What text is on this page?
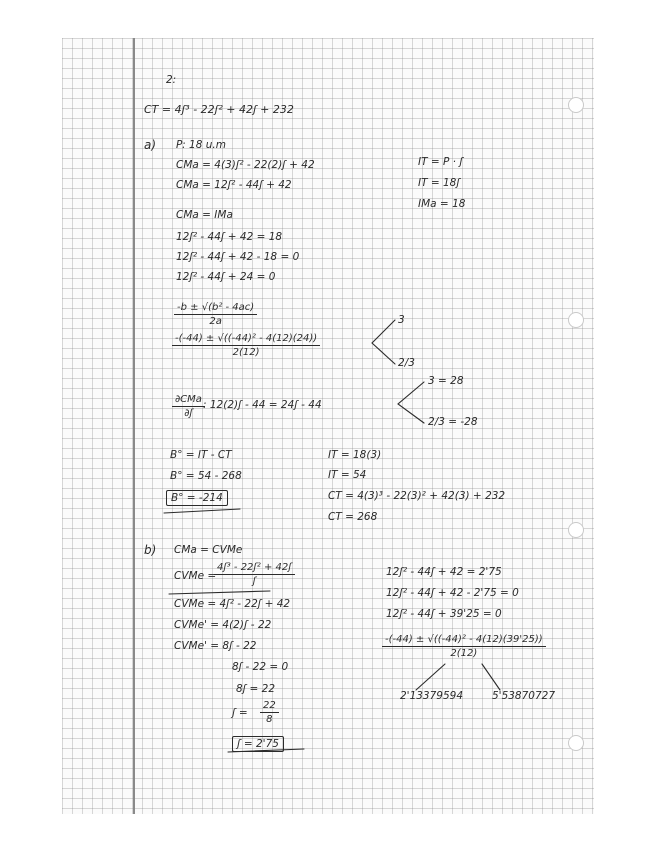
2:
CT = 4ʃ³ - 22ʃ² + 42ʃ + 232
a) P: 18 u.m
CMa = 4(3)ʃ² - 22(2)ʃ + 42
CMa = 12ʃ² - 44ʃ + 42
IT = P · ʃ
IT = 18ʃ
IMa = 18
CMa = IMa
12ʃ² - 44ʃ + 42 = 18
12ʃ² - 44ʃ + 42 - 18 = 0
12ʃ² - 44ʃ + 24 = 0
$\frac{\text{-b ± √(b² - 4ac)}}{2a}$
$\frac{\text{-(-44) ± √((-44)² - 4(12)(24))}}{2(12)}$
3
2/3
∂CMa
∂ʃ
: 12(2)ʃ - 44 = 24ʃ - 44
3 = 28
2/3 = -28
B° = IT - CT
B° = 54 - 268
B° = -214
IT = 18(3)
IT = 54
CT = 4(3)³ - 22(3)² + 42(3) + 232
CT = 268
b) CMa = CVMe
CVMe =
$\frac{\text{4ʃ³ - 22ʃ² + 42ʃ}}{\text{ʃ}}$
CVMe = 4ʃ² - 22ʃ + 42
CVMe' = 4(2)ʃ - 22
CVMe' = 8ʃ - 22
8ʃ - 22 = 0
8ʃ = 22
ʃ = $\frac{22}{8}$
ʃ = 2'75
12ʃ² - 44ʃ + 42 = 2'75
12ʃ² - 44ʃ + 42 - 2'75 = 0
12ʃ² - 44ʃ + 39'25 = 0
$\frac{\text{-(-44) ± √((-44)² - 4(12)(39'25))}}{2(12)}$
2'13379594	5'53870727
